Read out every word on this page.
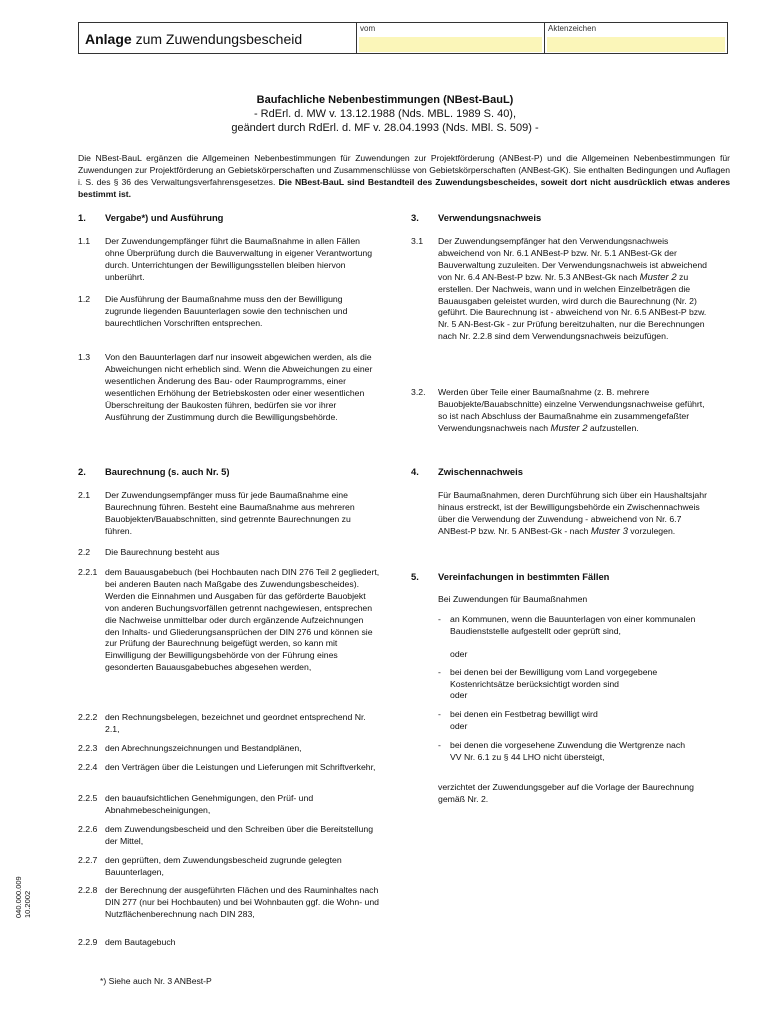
Anlage zum Zuwendungsbescheid
vom	Aktenzeichen
Baufachliche Nebenbestimmungen (NBest-BauL)
- RdErl. d. MW v. 13.12.1988 (Nds. MBL. 1989 S. 40),
geändert durch RdErl. d. MF v. 28.04.1993 (Nds. MBl. S. 509) -
Die NBest-BauL ergänzen die Allgemeinen Nebenbestimmungen für Zuwendungen zur Projektförderung (ANBest-P) und die Allgemeinen Nebenbestimmungen für Zuwendungen zur Projektförderung an Gebietskörperschaften und Zusammenschlüsse von Gebietskörperschaften (ANBest-GK). Sie enthalten Bedingungen und Auflagen i. S. des § 36 des Verwaltungsverfahrensgesetzes. Die NBest-BauL sind Bestandteil des Zuwendungsbescheides, soweit dort nicht ausdrücklich etwas anderes bestimmt ist.
1. Vergabe*) und Ausführung
1.1 Der Zuwendungempfänger führt die Baumaßnahme in allen Fällen ohne Überprüfung durch die Bauverwaltung in eigener Verantwortung durch. Unterrichtungen der Bewilligungsstellen bleiben hiervon unberührt.
1.2 Die Ausführung der Baumaßnahme muss den der Bewilligung zugrunde liegenden Bauunterlagen sowie den technischen und baurechtlichen Vorschriften entsprechen.
1.3 Von den Bauunterlagen darf nur insoweit abgewichen werden, als die Abweichungen nicht erheblich sind. Wenn die Abweichungen zu einer wesentlichen Änderung des Bau- oder Raumprogramms, einer wesentlichen Erhöhung der Betriebskosten oder einer wesentlichen Überschreitung der Baukosten führen, bedürfen sie vor ihrer Ausführung der Zustimmung durch die Bewilligungsbehörde.
2. Baurechnung (s. auch Nr. 5)
2.1 Der Zuwendungsempfänger muss für jede Baumaßnahme eine Baurechnung führen. Besteht eine Baumaßnahme aus mehreren Bauobjekten/Bauabschnitten, sind getrennte Baurechnungen zu führen.
2.2 Die Baurechnung besteht aus
2.2.1 dem Bauausgabebuch (bei Hochbauten nach DIN 276 Teil 2 gegliedert, bei anderen Bauten nach Maßgabe des Zuwendungsbescheides). Werden die Einnahmen und Ausgaben für das geförderte Bauobjekt von anderen Buchungsvorfällen getrennt nachgewiesen, entsprechen die Nachweise unmittelbar oder durch ergänzende Aufzeichnungen den Inhalts- und Gliederungsansprüchen der DIN 276 und können sie zur Prüfung der Baurechnung beigefügt werden, so kann mit Einwilligung der Bewilligungsbehörde von der Führung eines gesonderten Bauausgabebuches abgesehen werden,
2.2.2 den Rechnungsbelegen, bezeichnet und geordnet entsprechend Nr. 2.1,
2.2.3 den Abrechnungszeichnungen und Bestandplänen,
2.2.4 den Verträgen über die Leistungen und Lieferungen mit Schriftverkehr,
2.2.5 den bauaufsichtlichen Genehmigungen, den Prüf- und Abnahmebescheinigungen,
2.2.6 dem Zuwendungsbescheid und den Schreiben über die Bereitstellung der Mittel,
2.2.7 den geprüften, dem Zuwendungsbescheid zugrunde gelegten Bauunterlagen,
2.2.8 der Berechnung der ausgeführten Flächen und des Rauminhaltes nach DIN 277 (nur bei Hochbauten) und bei Wohnbauten ggf. die Wohn- und Nutzflächenberechnung nach DIN 283,
2.2.9 dem Bautagebuch
3. Verwendungsnachweis
3.1 Der Zuwendungsempfänger hat den Verwendungsnachweis abweichend von Nr. 6.1 ANBest-P bzw. Nr. 5.1 ANBest-Gk der Bauverwaltung zuzuleiten. Der Verwendungsnachweis ist abweichend von Nr. 6.4 AN-Best-P bzw. Nr. 5.3 ANBest-Gk nach Muster 2 zu erstellen. Der Nachweis, wann und in welchen Einzelbeträgen die Bauausgaben geleistet wurden, wird durch die Baurechnung (Nr. 2) geführt. Die Baurechnung ist - abweichend von Nr. 6.5 ANBest-P bzw. Nr. 5 AN-Best-Gk - zur Prüfung bereitzuhalten, nur die Berechnungen nach Nr. 2.2.8 sind dem Verwendungsnachweis beizufügen.
3.2. Werden über Teile einer Baumaßnahme (z. B. mehrere Bauobjekte/Bauabschnitte) einzelne Verwendungsnachweise geführt, so ist nach Abschluss der Baumaßnahme ein zusammengefaßter Verwendungsnachweis nach Muster 2 aufzustellen.
4. Zwischennachweis
Für Baumaßnahmen, deren Durchführung sich über ein Haushaltsjahr hinaus erstreckt, ist der Bewilligungsbehörde ein Zwischennachweis über die Verwendung der Zuwendung - abweichend von Nr. 6.7 ANBest-P bzw. Nr. 5 ANBest-Gk - nach Muster 3 vorzulegen.
5. Vereinfachungen in bestimmten Fällen
Bei Zuwendungen für Baumaßnahmen
- an Kommunen, wenn die Bauunterlagen von einer kommunalen Baudienststelle aufgestellt oder geprüft sind,
oder
- bei denen bei der Bewilligung vom Land vorgegebene Kostenrichtsätze berücksichtigt worden sind
oder
- bei denen ein Festbetrag bewilligt wird
oder
- bei denen die vorgesehene Zuwendung die Wertgrenze nach VV Nr. 6.1 zu § 44 LHO nicht übersteigt,
verzichtet der Zuwendungsgeber auf die Vorlage der Baurechnung gemäß Nr. 2.
040.000.009 10.2002
*) Siehe auch Nr. 3 ANBest-P
